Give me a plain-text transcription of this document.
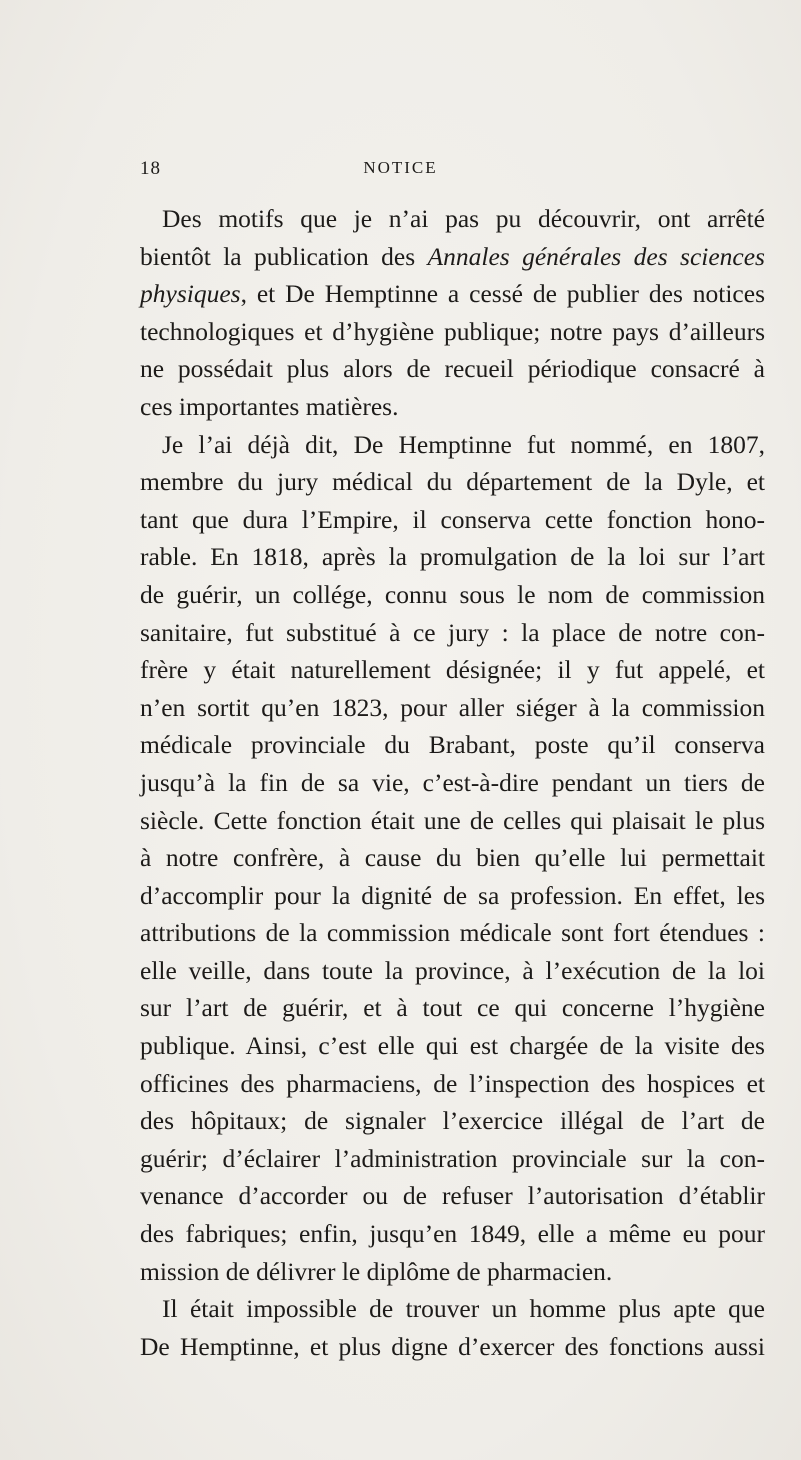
18	NOTICE
Des motifs que je n’ai pas pu découvrir, ont arrêté
bientôt la publication des Annales générales des sciences
physiques, et De Hemptinne a cessé de publier des notices
technologiques et d’hygiène publique; notre pays d’ailleurs
ne possédait plus alors de recueil périodique consacré à
ces importantes matières.
Je l’ai déjà dit, De Hemptinne fut nommé, en 1807,
membre du jury médical du département de la Dyle, et
tant que dura l’Empire, il conserva cette fonction hono-
rable. En 1818, après la promulgation de la loi sur l’art
de guérir, un collége, connu sous le nom de commission
sanitaire, fut substitué à ce jury : la place de notre con-
frère y était naturellement désignée; il y fut appelé, et
n’en sortit qu’en 1823, pour aller siéger à la commission
médicale provinciale du Brabant, poste qu’il conserva
jusqu’à la fin de sa vie, c’est-à-dire pendant un tiers de
siècle. Cette fonction était une de celles qui plaisait le plus
à notre confrère, à cause du bien qu’elle lui permettait
d’accomplir pour la dignité de sa profession. En effet, les
attributions de la commission médicale sont fort étendues :
elle veille, dans toute la province, à l’exécution de la loi
sur l’art de guérir, et à tout ce qui concerne l’hygiène
publique. Ainsi, c’est elle qui est chargée de la visite des
officines des pharmaciens, de l’inspection des hospices et
des hôpitaux; de signaler l’exercice illégal de l’art de
guérir; d’éclairer l’administration provinciale sur la con-
venance d’accorder ou de refuser l’autorisation d’établir
des fabriques; enfin, jusqu’en 1849, elle a même eu pour
mission de délivrer le diplôme de pharmacien.
Il était impossible de trouver un homme plus apte que
De Hemptinne, et plus digne d’exercer des fonctions aussi
